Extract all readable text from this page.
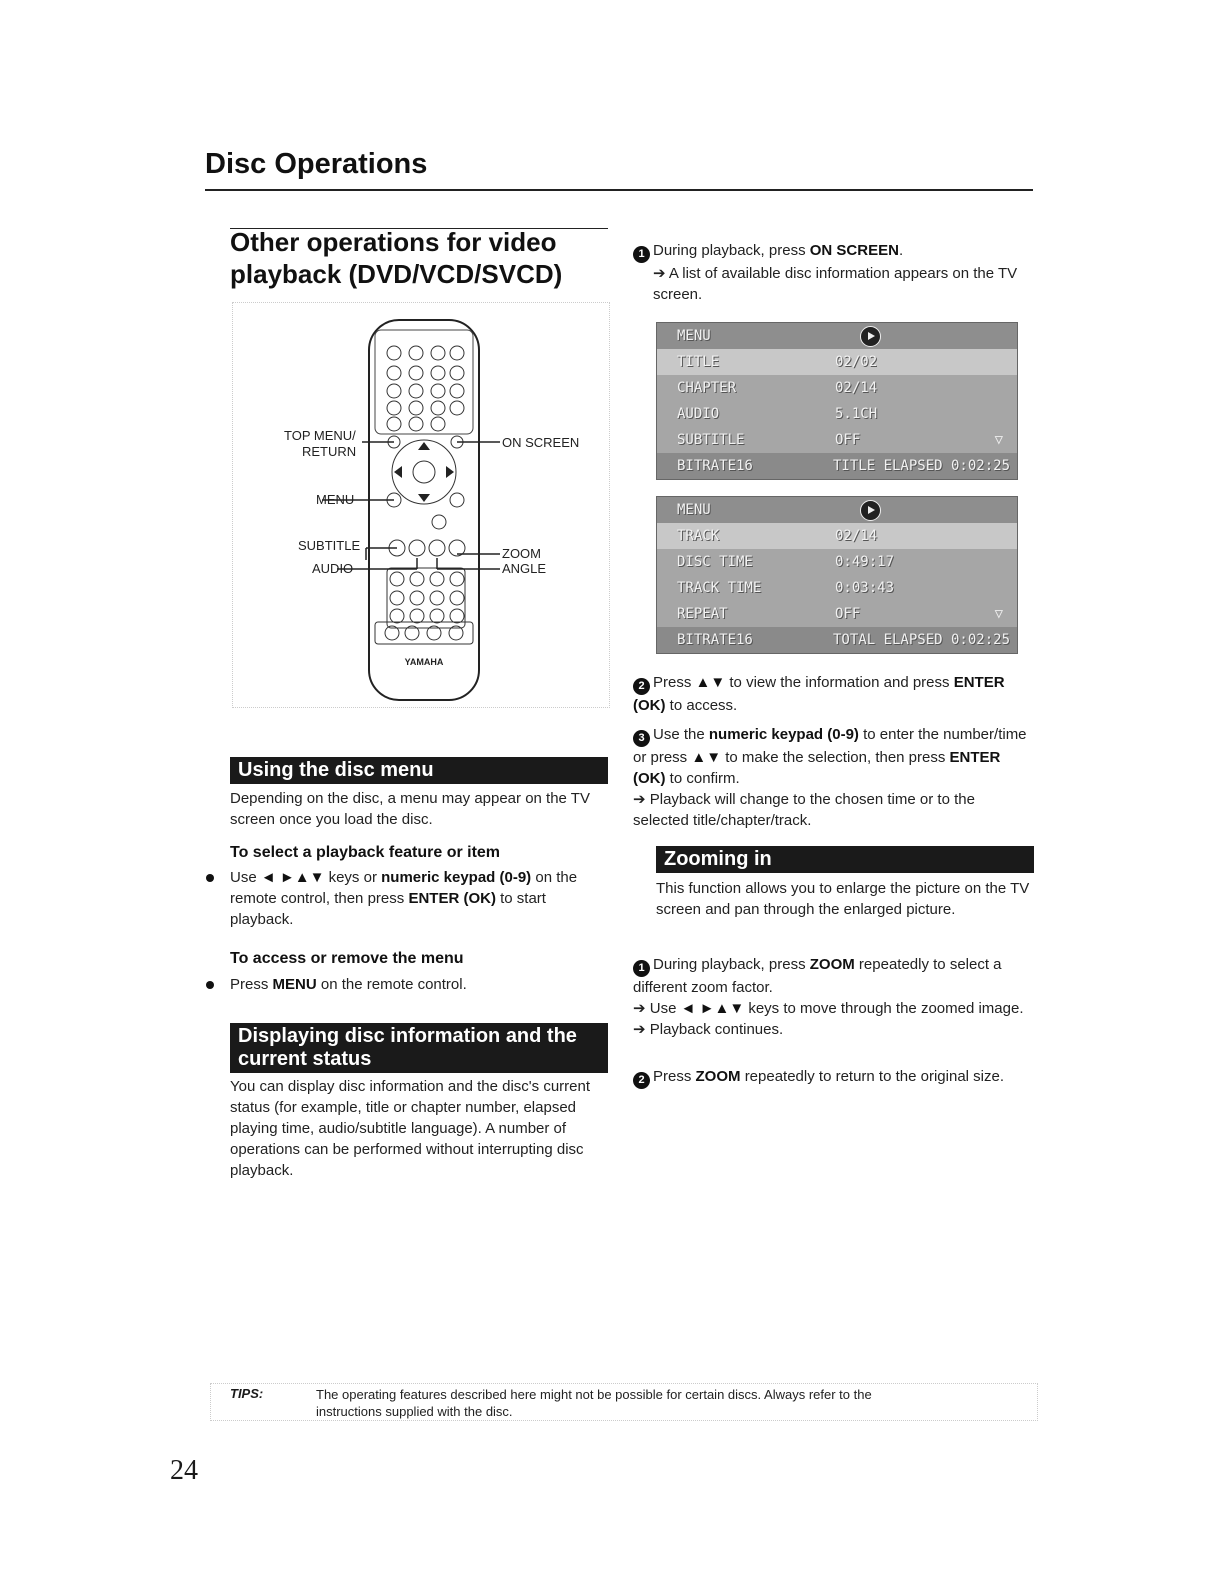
Disc Operations
Other operations for video
playback (DVD/VCD/SVCD)
YAMAHA
TOP MENU/
RETURN
MENU
SUBTITLE
AUDIO
ON SCREEN
ZOOM
ANGLE
Using the disc menu
Depending on the disc, a menu may appear on the TV screen once you load the disc.
To select a playback feature or item
Use ◄ ►▲▼ keys or numeric keypad (0-9) on the remote control, then press ENTER (OK) to start playback.
To access or remove the menu
Press MENU on the remote control.
Displaying disc information and the
current status
You can display disc information and the disc's current status (for example, title or chapter number, elapsed playing time, audio/subtitle language). A number of operations can be performed without interrupting disc playback.
1 During playback, press ON SCREEN.
➔ A list of available disc information appears on the TV screen.
MENU
TITLE	02/02
CHAPTER	02/14
AUDIO	5.1CH
SUBTITLE	OFF	▽
BITRATE16	TITLE ELAPSED 0:02:25
MENU
TRACK	02/14
DISC TIME	0:49:17
TRACK TIME	0:03:43
REPEAT	OFF	▽
BITRATE16	TOTAL ELAPSED 0:02:25
2 Press ▲▼ to view the information and press ENTER (OK) to access.
3 Use the numeric keypad (0-9) to enter the number/time or press ▲▼ to make the selection, then press ENTER (OK) to confirm.
➔ Playback will change to the chosen time or to the selected title/chapter/track.
Zooming in
This function allows you to enlarge the picture on the TV screen and pan through the enlarged picture.
1 During playback, press ZOOM repeatedly to select a different zoom factor.
➔ Use ◄ ►▲▼ keys to move through the zoomed image.
➔ Playback continues.
2 Press ZOOM repeatedly to return to the original size.
TIPS:	The operating features described here might not be possible for certain discs. Always refer to the
instructions supplied with the disc.
24
